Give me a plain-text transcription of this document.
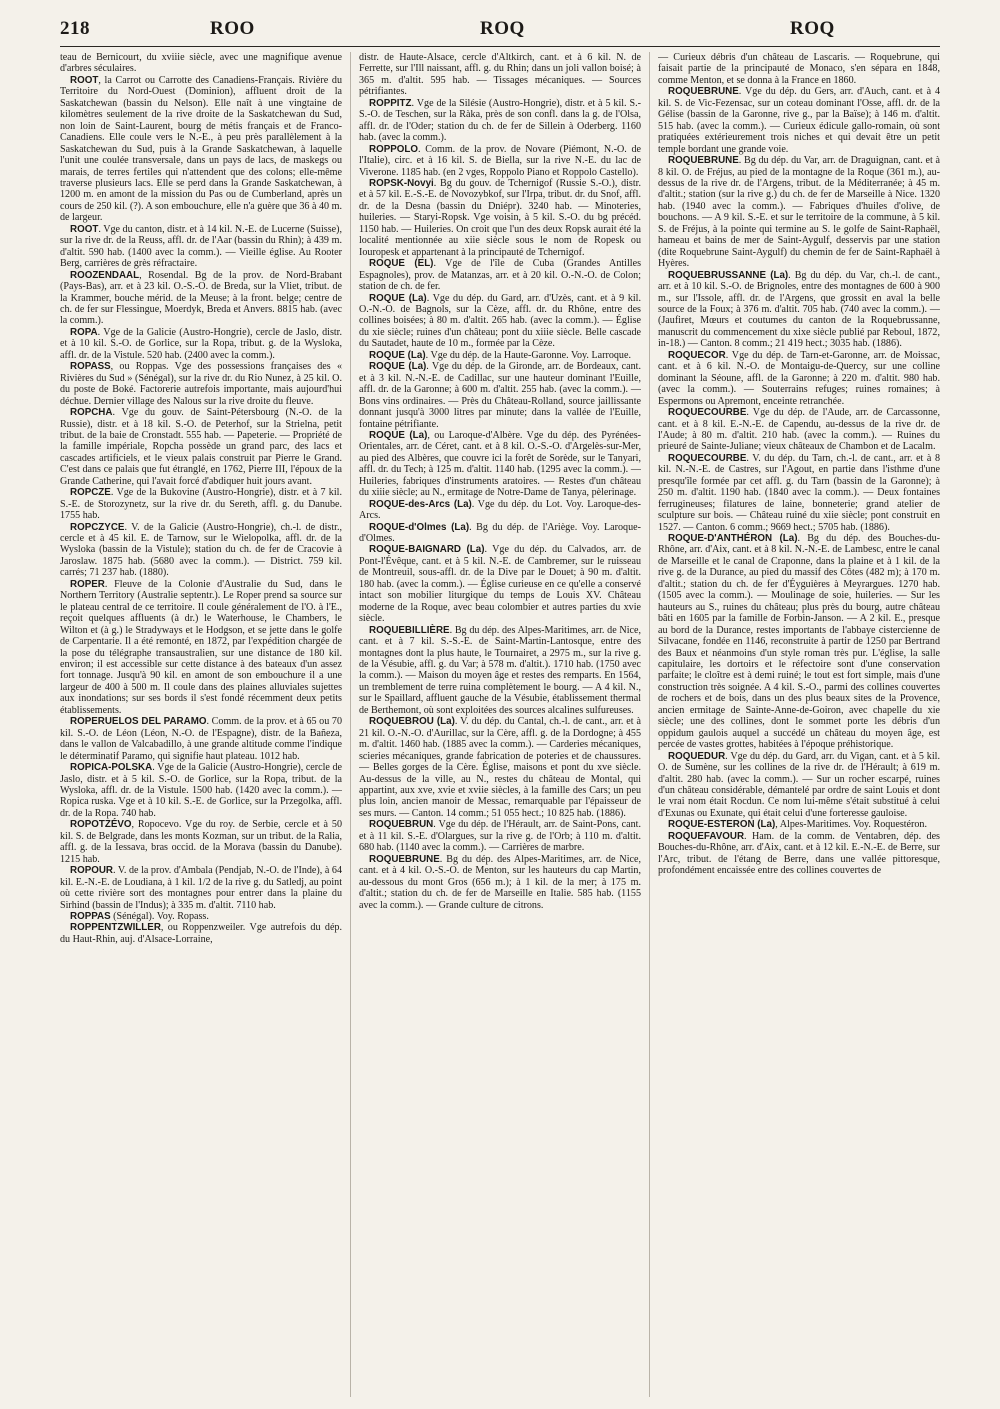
218	ROO	ROQ	ROQ

teau de Bernicourt, du xviiie siècle, avec une magnifique avenue d'arbres séculaires.

ROOT, la Carrot ou Carrotte des Canadiens-Français. Rivière du Territoire du Nord-Ouest (Dominion), affluent droit de la Saskatchewan (bassin du Nelson). Elle naît à une vingtaine de kilomètres seulement de la rive droite de la Saskatchewan du Sud, non loin de Saint-Laurent, bourg de métis français et de Franco-Canadiens. Elle coule vers le N.-E., à peu près parallèlement à la Saskatchewan du Sud, puis à la Grande Saskatchewan, à laquelle l'unit une coulée transversale, dans un pays de lacs, de maskegs ou marais, de terres fertiles qui n'attendent que des colons; elle-même traverse plusieurs lacs. Elle se perd dans la Grande Saskatchewan, à 1200 m. en amont de la mission du Pas ou de Cumberland, après un cours de 250 kil. (?). A son embouchure, elle n'a guère que 36 à 40 m. de largeur.

ROOT. Vge du canton, distr. et à 14 kil. N.-E. de Lucerne (Suisse), sur la rive dr. de la Reuss, affl. dr. de l'Aar (bassin du Rhin); à 439 m. d'altit. 590 hab. (1400 avec la comm.). — Vieille église. Au Rooter Berg, carrières de grès réfractaire.

ROOZENDAAL, Rosendal. Bg de la prov. de Nord-Brabant (Pays-Bas), arr. et à 23 kil. O.-S.-O. de Breda, sur la Vliet, tribut. de la Krammer, bouche mérid. de la Meuse; à la front. belge; centre de ch. de fer sur Flessingue, Moerdyk, Breda et Anvers. 8815 hab. (avec la comm.).

ROPA. Vge de la Galicie (Austro-Hongrie), cercle de Jaslo, distr. et à 10 kil. S.-O. de Gorlice, sur la Ropa, tribut. g. de la Wysloka, affl. dr. de la Vistule. 520 hab. (2400 avec la comm.).

ROPASS, ou Roppas. Vge des possessions françaises des « Rivières du Sud » (Sénégal), sur la rive dr. du Rio Nunez, à 25 kil. O. du poste de Boké. Factorerie autrefois importante, mais aujourd'hui déchue. Dernier village des Nalous sur la rive droite du fleuve.

ROPCHA. Vge du gouv. de Saint-Pétersbourg (N.-O. de la Russie), distr. et à 18 kil. S.-O. de Peterhof, sur la Strielna, petit tribut. de la baie de Cronstadt. 555 hab. — Papeterie. — Propriété de la famille impériale, Ropcha possède un grand parc, des lacs et cascades artificiels, et le vieux palais construit par Pierre le Grand. C'est dans ce palais que fut étranglé, en 1762, Pierre III, l'époux de la Grande Catherine, qui l'avait forcé d'abdiquer huit jours avant.

ROPCZE. Vge de la Bukovine (Austro-Hongrie), distr. et à 7 kil. S.-E. de Storozynetz, sur la rive dr. du Sereth, affl. g. du Danube. 1755 hab.

ROPCZYCE. V. de la Galicie (Austro-Hongrie), ch.-l. de distr., cercle et à 45 kil. E. de Tarnow, sur le Wielopolka, affl. dr. de la Wysloka (bassin de la Vistule); station du ch. de fer de Cracovie à Jaroslaw. 1875 hab. (5680 avec la comm.). — District. 759 kil. carrés; 71 237 hab. (1880).

ROPER. Fleuve de la Colonie d'Australie du Sud, dans le Northern Territory (Australie septentr.). Le Roper prend sa source sur le plateau central de ce territoire. Il coule généralement de l'O. à l'E., reçoit quelques affluents (à dr.) le Waterhouse, le Chambers, le Wilton et (à g.) le Stradyways et le Hodgson, et se jette dans le golfe de Carpentarie. Il a été remonté, en 1872, par l'expédition chargée de la pose du télégraphe transaustralien, sur une distance de 180 kil. environ; il est accessible sur cette distance à des bateaux d'un assez fort tonnage. Jusqu'à 90 kil. en amont de son embouchure il a une largeur de 400 à 500 m. Il coule dans des plaines alluviales sujettes aux inondations; sur ses bords il s'est fondé récemment deux petits établissements.

ROPERUELOS DEL PARAMO. Comm. de la prov. et à 65 ou 70 kil. S.-O. de Léon (Léon, N.-O. de l'Espagne), distr. de la Bañeza, dans le vallon de Valcabadillo, à une grande altitude comme l'indique le déterminatif Paramo, qui signifie haut plateau. 1012 hab.

ROPICA-POLSKA. Vge de la Galicie (Austro-Hongrie), cercle de Jaslo, distr. et à 5 kil. S.-O. de Gorlice, sur la Ropa, tribut. de la Wysloka, affl. dr. de la Vistule. 1500 hab. (1420 avec la comm.). — Ropica ruska. Vge et à 10 kil. S.-E. de Gorlice, sur la Przegolka, affl. dr. de la Ropa. 740 hab.

ROPOTZÉVO, Ropocevo. Vge du roy. de Serbie, cercle et à 50 kil. S. de Belgrade, dans les monts Kozman, sur un tribut. de la Ralia, affl. g. de la Iessava, bras occid. de la Morava (bassin du Danube). 1215 hab.

ROPOUR. V. de la prov. d'Ambala (Pendjab, N.-O. de l'Inde), à 64 kil. E.-N.-E. de Loudiana, à 1 kil. 1/2 de la rive g. du Satledj, au point où cette rivière sort des montagnes pour entrer dans la plaine du Sirhind (bassin de l'Indus); à 335 m. d'altit. 7110 hab.

ROPPAS (Sénégal). Voy. Ropass.

ROPPENTZWILLER, ou Roppenzweiler. Vge autrefois du dép. du Haut-Rhin, auj. d'Alsace-Lorraine,

distr. de Haute-Alsace, cercle d'Altkirch, cant. et à 6 kil. N. de Ferrette, sur l'Ill naissant, affl. g. du Rhin; dans un joli vallon boisé; à 365 m. d'altit. 595 hab. — Tissages mécaniques. — Sources pétrifiantes.

ROPPITZ. Vge de la Silésie (Austro-Hongrie), distr. et à 5 kil. S.-S.-O. de Teschen, sur la Ràka, près de son confl. dans la g. de l'Olsa, affl. dr. de l'Oder; station du ch. de fer de Sillein à Oderberg. 1160 hab. (avec la comm.).

ROPPOLO. Comm. de la prov. de Novare (Piémont, N.-O. de l'Italie), circ. et à 16 kil. S. de Biella, sur la rive N.-E. du lac de Viverone. 1185 hab. (en 2 vges, Roppolo Piano et Roppolo Castello).

ROPSK-Novyi. Bg du gouv. de Tchernigof (Russie S.-O.), distr. et à 57 kil. E.-S.-E. de Novozybkof, sur l'Irpa, tribut. dr. du Snof, affl. dr. de la Desna (bassin du Dniépr). 3240 hab. — Minoteries, huileries. — Staryi-Ropsk. Vge voisin, à 5 kil. S.-O. du bg précéd. 1150 hab. — Huileries. On croit que l'un des deux Ropsk aurait été la localité mentionnée au xiie siècle sous le nom de Ropesk ou Iouropesk et appartenant à la principauté de Tchernigof.

ROQUE (EL). Vge de l'île de Cuba (Grandes Antilles Espagnoles), prov. de Matanzas, arr. et à 20 kil. O.-N.-O. de Colon; station de ch. de fer.

ROQUE (La). Vge du dép. du Gard, arr. d'Uzès, cant. et à 9 kil. O.-N.-O. de Bagnols, sur la Cèze, affl. dr. du Rhône, entre des collines boisées; à 80 m. d'altit. 265 hab. (avec la comm.). — Église du xie siècle; ruines d'un château; pont du xiiie siècle. Belle cascade du Sautadet, haute de 10 m., formée par la Cèze.

ROQUE (La). Vge du dép. de la Haute-Garonne. Voy. Larroque.

ROQUE (La). Vge du dép. de la Gironde, arr. de Bordeaux, cant. et à 3 kil. N.-N.-E. de Cadillac, sur une hauteur dominant l'Euille, affl. dr. de la Garonne; à 600 m. d'altit. 255 hab. (avec la comm.). — Bons vins ordinaires. — Près du Château-Rolland, source jaillissante donnant jusqu'à 3000 litres par minute; dans la vallée de l'Euille, fontaine pétrifiante.

ROQUE (La), ou Laroque-d'Albère. Vge du dép. des Pyrénées-Orientales, arr. de Céret, cant. et à 8 kil. O.-S.-O. d'Argelès-sur-Mer, au pied des Albères, que couvre ici la forêt de Sorède, sur le Tanyari, affl. dr. du Tech; à 125 m. d'altit. 1140 hab. (1295 avec la comm.). — Huileries, fabriques d'instruments aratoires. — Restes d'un château du xiiie siècle; au N., ermitage de Notre-Dame de Tanya, pèlerinage.

ROQUE-des-Arcs (La). Vge du dép. du Lot. Voy. Laroque-des-Arcs.

ROQUE-d'Olmes (La). Bg du dép. de l'Ariège. Voy. Laroque-d'Olmes.

ROQUE-BAIGNARD (La). Vge du dép. du Calvados, arr. de Pont-l'Évêque, cant. et à 5 kil. N.-E. de Cambremer, sur le ruisseau de Montreuil, sous-affl. dr. de la Dive par le Douet; à 90 m. d'altit. 180 hab. (avec la comm.). — Église curieuse en ce qu'elle a conservé intact son mobilier liturgique du temps de Louis XV. Château moderne de la Roque, avec beau colombier et autres parties du xvie siècle.

ROQUEBILLIÈRE. Bg du dép. des Alpes-Maritimes, arr. de Nice, cant. et à 7 kil. S.-S.-E. de Saint-Martin-Lantosque, entre des montagnes dont la plus haute, le Tournairet, a 2975 m., sur la rive g. de la Vésubie, affl. g. du Var; à 578 m. d'altit.). 1710 hab. (1750 avec la comm.). — Maison du moyen âge et restes des remparts. En 1564, un tremblement de terre ruina complètement le bourg. — A 4 kil. N., sur le Spaillard, affluent gauche de la Vésubie, établissement thermal de Berthemont, où sont exploitées des sources alcalines sulfureuses.

ROQUEBROU (La). V. du dép. du Cantal, ch.-l. de cant., arr. et à 21 kil. O.-N.-O. d'Aurillac, sur la Cère, affl. g. de la Dordogne; à 455 m. d'altit. 1460 hab. (1885 avec la comm.). — Carderies mécaniques, scieries mécaniques, grande fabrication de poteries et de chaussures. — Belles gorges de la Cère. Église, maisons et pont du xve siècle. Au-dessus de la ville, au N., restes du château de Montal, qui appartint, aux xve, xvie et xviie siècles, à la famille des Cars; un peu plus loin, ancien manoir de Messac, remarquable par l'épaisseur de ses murs. — Canton. 14 comm.; 51 055 hect.; 10 825 hab. (1886).

ROQUEBRUN. Vge du dép. de l'Hérault, arr. de Saint-Pons, cant. et à 11 kil. S.-E. d'Olargues, sur la rive g. de l'Orb; à 110 m. d'altit. 680 hab. (1140 avec la comm.). — Carrières de marbre.

ROQUEBRUNE. Bg du dép. des Alpes-Maritimes, arr. de Nice, cant. et à 4 kil. O.-S.-O. de Menton, sur les hauteurs du cap Martin, au-dessous du mont Gros (656 m.); à 1 kil. de la mer; à 175 m. d'altit.; station du ch. de fer de Marseille en Italie. 585 hab. (1155 avec la comm.). — Grande culture de citrons.

— Curieux débris d'un château de Lascaris. — Roquebrune, qui faisait partie de la principauté de Monaco, s'en sépara en 1848, comme Menton, et se donna à la France en 1860.

ROQUEBRUNE. Vge du dép. du Gers, arr. d'Auch, cant. et à 4 kil. S. de Vic-Fezensac, sur un coteau dominant l'Osse, affl. dr. de la Gélise (bassin de la Garonne, rive g., par la Baïse); à 146 m. d'altit. 515 hab. (avec la comm.). — Curieux édicule gallo-romain, où sont pratiquées extérieurement trois niches et qui devait être un petit temple bordant une grande voie.

ROQUEBRUNE. Bg du dép. du Var, arr. de Draguignan, cant. et à 8 kil. O. de Fréjus, au pied de la montagne de la Roque (361 m.), au-dessus de la rive dr. de l'Argens, tribut. de la Méditerranée; à 45 m. d'altit.; station (sur la rive g.) du ch. de fer de Marseille à Nice. 1320 hab. (1940 avec la comm.). — Fabriques d'huiles d'olive, de bouchons. — A 9 kil. S.-E. et sur le territoire de la commune, à 5 kil. S. de Fréjus, à la pointe qui termine au S. le golfe de Saint-Raphaël, hameau et bains de mer de Saint-Aygulf, desservis par une station (dite Roquebrune Saint-Aygulf) du chemin de fer de Saint-Raphaël à Hyères.

ROQUEBRUSSANNE (La). Bg du dép. du Var, ch.-l. de cant., arr. et à 10 kil. S.-O. de Brignoles, entre des montagnes de 600 à 900 m., sur l'Issole, affl. dr. de l'Argens, que grossit en aval la belle source de la Foux; à 376 m. d'altit. 705 hab. (740 avec la comm.). — (Jaufiret, Mœurs et coutumes du canton de la Roquebrussanne, manuscrit du commencement du xixe siècle publié par Reboul, 1872, in-18.) — Canton. 8 comm.; 21 419 hect.; 3035 hab. (1886).

ROQUECOR. Vge du dép. de Tarn-et-Garonne, arr. de Moissac, cant. et à 6 kil. N.-O. de Montaigu-de-Quercy, sur une colline dominant la Séoune, affl. de la Garonne; à 220 m. d'altit. 980 hab. (avec la comm.). — Souterrains refuges; ruines romaines; à Espermons ou Apremont, enceinte retranchée.

ROQUECOURBE. Vge du dép. de l'Aude, arr. de Carcassonne, cant. et à 8 kil. E.-N.-E. de Capendu, au-dessus de la rive dr. de l'Aude; à 80 m. d'altit. 210 hab. (avec la comm.). — Ruines du prieuré de Sainte-Juliane; vieux châteaux de Chambon et de Lacalm.

ROQUECOURBE. V. du dép. du Tarn, ch.-l. de cant., arr. et à 8 kil. N.-N.-E. de Castres, sur l'Agout, en partie dans l'isthme d'une presqu'île formée par cet affl. g. du Tarn (bassin de la Garonne); à 250 m. d'altit. 1190 hab. (1840 avec la comm.). — Deux fontaines ferrugineuses; filatures de laine, bonneterie; grand atelier de sculpture sur bois. — Château ruiné du xiie siècle; pont construit en 1527. — Canton. 6 comm.; 9669 hect.; 5705 hab. (1886).

ROQUE-D'ANTHÉRON (La). Bg du dép. des Bouches-du-Rhône, arr. d'Aix, cant. et à 8 kil. N.-N.-E. de Lambesc, entre le canal de Marseille et le canal de Craponne, dans la plaine et à 1 kil. de la rive g. de la Durance, au pied du massif des Côtes (482 m); à 170 m. d'altit.; station du ch. de fer d'Éyguières à Meyrargues. 1270 hab. (1505 avec la comm.). — Moulinage de soie, huileries. — Sur les hauteurs au S., ruines du château; plus près du bourg, autre château bâti en 1605 par la famille de Forbin-Janson. — A 2 kil. E., presque au bord de la Durance, restes importants de l'abbaye cistercienne de Silvacane, fondée en 1146, reconstruite à partir de 1250 par Bertrand des Baux et néanmoins d'un style roman très pur. L'église, la salle capitulaire, les dortoirs et le réfectoire sont d'une conservation parfaite; le cloître est à demi ruiné; le tout est fort simple, mais d'une construction très soignée. A 4 kil. S.-O., parmi des collines couvertes de rochers et de bois, dans un des plus beaux sites de la Provence, ancien ermitage de Sainte-Anne-de-Goiron, avec chapelle du xie siècle; une des collines, dont le sommet porte les débris d'un oppidum gaulois auquel a succédé un château du moyen âge, est percée de vastes grottes, habitées à l'époque préhistorique.

ROQUEDUR. Vge du dép. du Gard, arr. du Vigan, cant. et à 5 kil. O. de Sumène, sur les collines de la rive dr. de l'Hérault; à 619 m. d'altit. 280 hab. (avec la comm.). — Sur un rocher escarpé, ruines d'un château considérable, démantelé par ordre de saint Louis et dont le vrai nom était Rocdun. Ce nom lui-même s'était substitué à celui d'Exunas ou Exunate, qui était celui d'une forteresse gauloise.

ROQUE-ESTERON (La), Alpes-Maritimes. Voy. Roquestéron.

ROQUEFAVOUR. Ham. de la comm. de Ventabren, dép. des Bouches-du-Rhône, arr. d'Aix, cant. et à 12 kil. E.-N.-E. de Berre, sur l'Arc, tribut. de l'étang de Berre, dans une vallée pittoresque, profondément encaissée entre des collines couvertes de
